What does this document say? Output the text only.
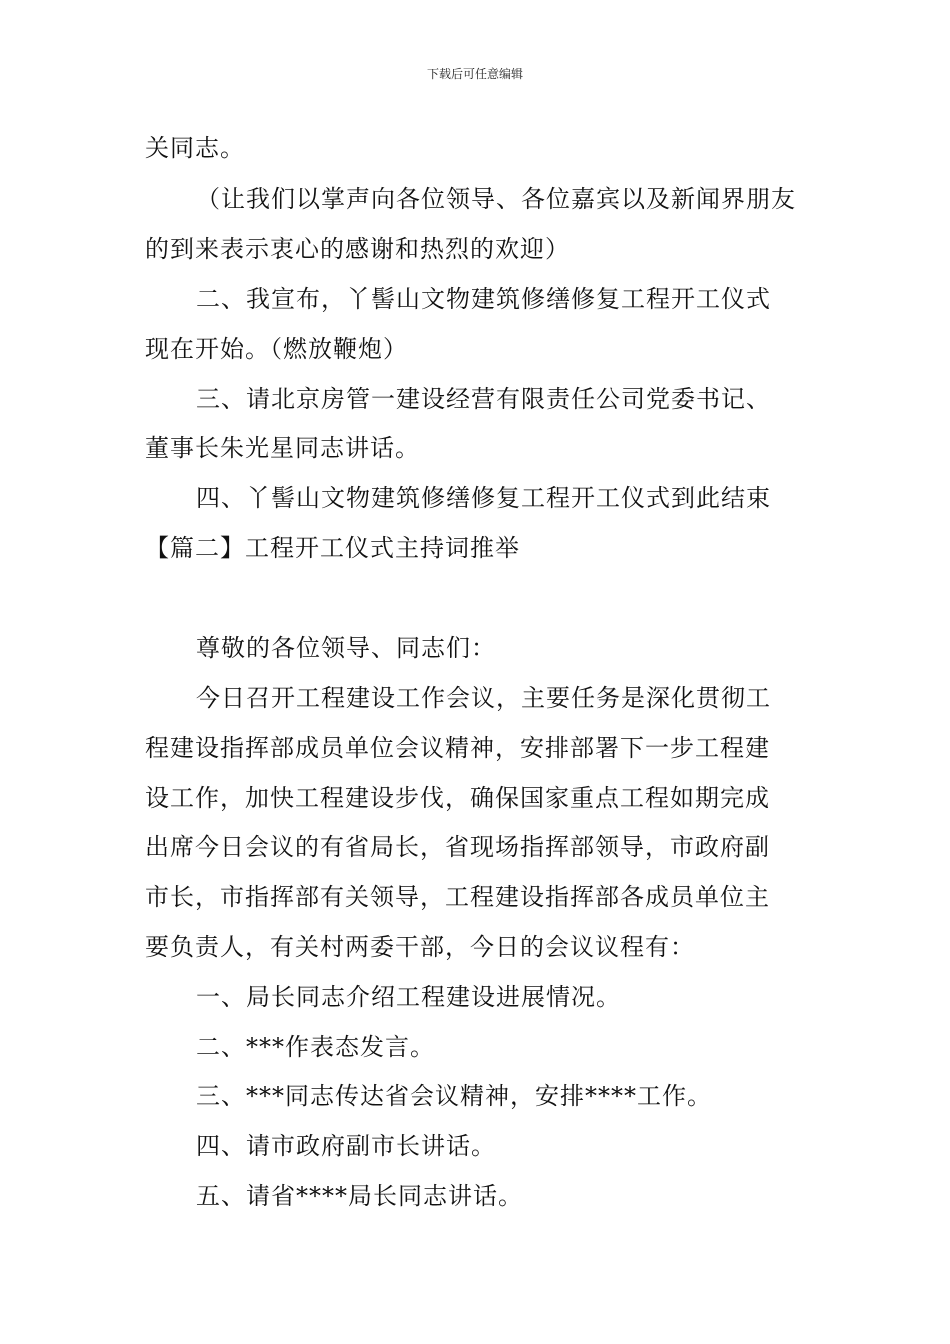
下载后可任意编辑
关同志。
（让我们以掌声向各位领导、各位嘉宾以及新闻界朋友
的到来表示衷心的感谢和热烈的欢迎）
二、我宣布，丫髻山文物建筑修缮修复工程开工仪式
现在开始。（燃放鞭炮）
三、请北京房管一建设经营有限责任公司党委书记、
董事长朱光星同志讲话。
四、丫髻山文物建筑修缮修复工程开工仪式到此结束
【篇二】工程开工仪式主持词推举
尊敬的各位领导、同志们：
今日召开工程建设工作会议，主要任务是深化贯彻工
程建设指挥部成员单位会议精神，安排部署下一步工程建
设工作，加快工程建设步伐，确保国家重点工程如期完成
出席今日会议的有省局长，省现场指挥部领导，市政府副
市长，市指挥部有关领导，工程建设指挥部各成员单位主
要负责人，有关村两委干部，今日的会议议程有：
一、局长同志介绍工程建设进展情况。
二、***作表态发言。
三、***同志传达省会议精神，安排****工作。
四、请市政府副市长讲话。
五、请省****局长同志讲话。
